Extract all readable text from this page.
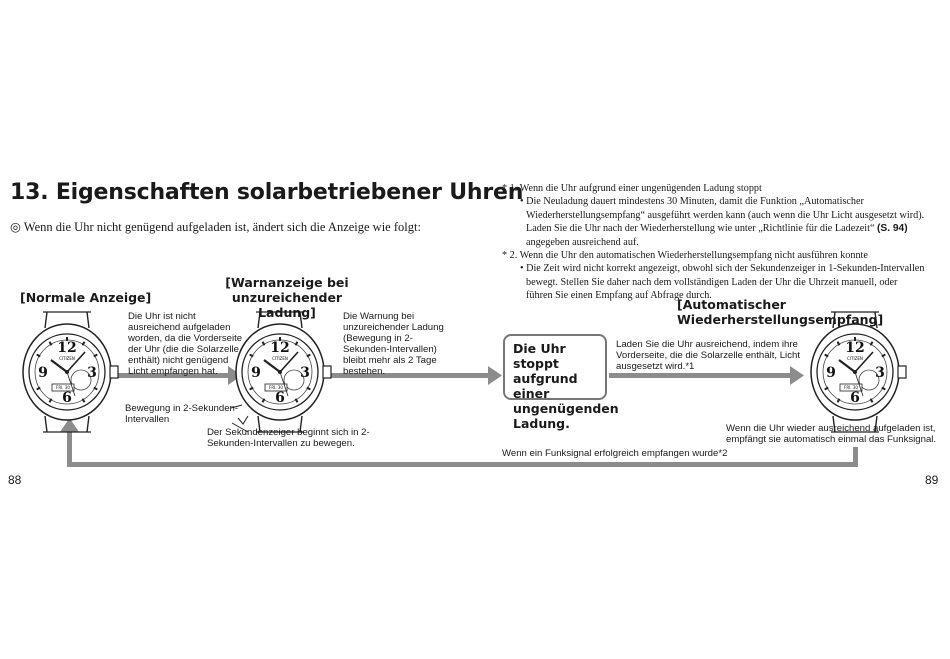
13. Eigenschaften solarbetriebener Uhren
◎ Wenn die Uhr nicht genügend aufgeladen ist, ändert sich die Anzeige wie folgt:
* 1. Wenn die Uhr aufgrund einer ungenügenden Ladung stoppt
• Die Neuladung dauert mindestens 30 Minuten, damit die Funktion „Automatischer
Wiederherstellungsempfang“ ausgeführt werden kann (auch wenn die Uhr Licht ausgesetzt wird).
Laden Sie die Uhr nach der Wiederherstellung wie unter „Richtlinie für die Ladezeit“ (S. 94)
angegeben ausreichend auf.
* 2. Wenn die Uhr den automatischen Wiederherstellungsempfang nicht ausführen konnte
• Die Zeit wird nicht korrekt angezeigt, obwohl sich der Sekundenzeiger in 1-Sekunden-Intervallen
bewegt. Stellen Sie daher nach dem vollständigen Laden der Uhr die Uhrzeit manuell, oder
führen Sie einen Empfang auf Abfrage durch.
12
9	3
6
12
9	3
6
12
9	3
6
CITIZEN
FRI. 30
CITIZEN
FRI. 30
CITIZEN
FRI. 30
[Normale Anzeige]
[Warnanzeige bei
unzureichender Ladung]
[Automatischer Wiederherstellungsempfang]
Die Uhr ist nicht
ausreichend aufgeladen
worden, da die Vorderseite
der Uhr (die die Solarzelle
enthält) nicht genügend
Licht empfangen hat.
Die Warnung bei
unzureichender Ladung
(Bewegung in 2-
Sekunden-Intervallen)
bleibt mehr als 2 Tage
bestehen.
Laden Sie die Uhr ausreichend, indem ihre
Vorderseite, die die Solarzelle enthält, Licht
ausgesetzt wird.*1
Bewegung in 2-Sekunden-
Intervallen
Der Sekundenzeiger beginnt sich in 2-
Sekunden-Intervallen zu bewegen.
Wenn die Uhr wieder ausreichend aufgeladen ist,
empfängt sie automatisch einmal das Funksignal.
Wenn ein Funksignal erfolgreich empfangen wurde*2
Die Uhr stoppt
aufgrund einer
ungenügenden
Ladung.
88	89
